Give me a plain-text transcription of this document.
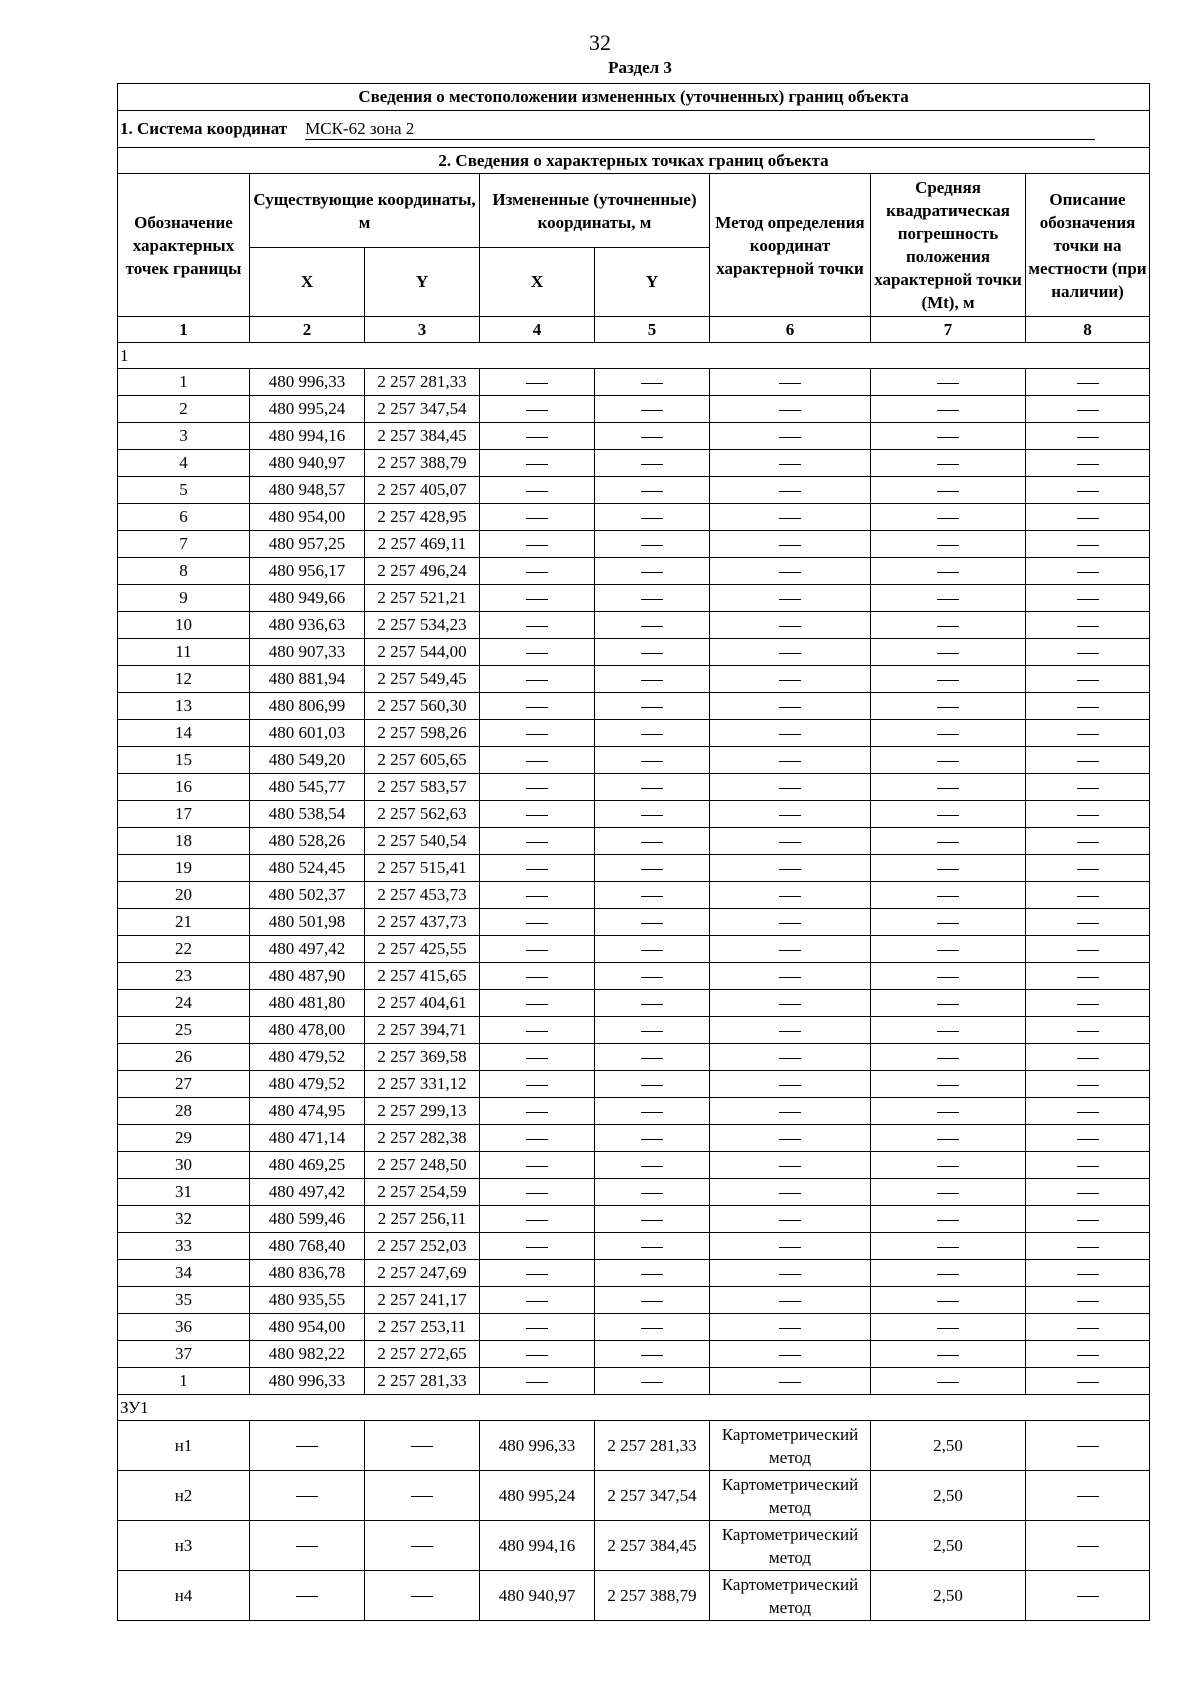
32
Раздел 3
Сведения о местоположении измененных (уточненных) границ объекта							
1. Система координат МСК-62 зона 2							
2. Сведения о характерных точках границ объекта							
Обозначение характерных точек границы	Существующие координаты, м		Измененные (уточненные) координаты, м		Метод определения координат характерной точки	Средняя квадратическая погрешность положения характерной точки (Mt), м	Описание обозначения точки на местности (при наличии)
	X	Y	X	Y			
1	2	3	4	5	6	7	8
1							
1	480 996,33	2 257 281,33					
2	480 995,24	2 257 347,54					
3	480 994,16	2 257 384,45					
4	480 940,97	2 257 388,79					
5	480 948,57	2 257 405,07					
6	480 954,00	2 257 428,95					
7	480 957,25	2 257 469,11					
8	480 956,17	2 257 496,24					
9	480 949,66	2 257 521,21					
10	480 936,63	2 257 534,23					
11	480 907,33	2 257 544,00					
12	480 881,94	2 257 549,45					
13	480 806,99	2 257 560,30					
14	480 601,03	2 257 598,26					
15	480 549,20	2 257 605,65					
16	480 545,77	2 257 583,57					
17	480 538,54	2 257 562,63					
18	480 528,26	2 257 540,54					
19	480 524,45	2 257 515,41					
20	480 502,37	2 257 453,73					
21	480 501,98	2 257 437,73					
22	480 497,42	2 257 425,55					
23	480 487,90	2 257 415,65					
24	480 481,80	2 257 404,61					
25	480 478,00	2 257 394,71					
26	480 479,52	2 257 369,58					
27	480 479,52	2 257 331,12					
28	480 474,95	2 257 299,13					
29	480 471,14	2 257 282,38					
30	480 469,25	2 257 248,50					
31	480 497,42	2 257 254,59					
32	480 599,46	2 257 256,11					
33	480 768,40	2 257 252,03					
34	480 836,78	2 257 247,69					
35	480 935,55	2 257 241,17					
36	480 954,00	2 257 253,11					
37	480 982,22	2 257 272,65					
1	480 996,33	2 257 281,33					
ЗУ1							
н1			480 996,33	2 257 281,33	Картометрический метод	2,50	
н2			480 995,24	2 257 347,54	Картометрический метод	2,50	
н3			480 994,16	2 257 384,45	Картометрический метод	2,50	
н4			480 940,97	2 257 388,79	Картометрический метод	2,50	
